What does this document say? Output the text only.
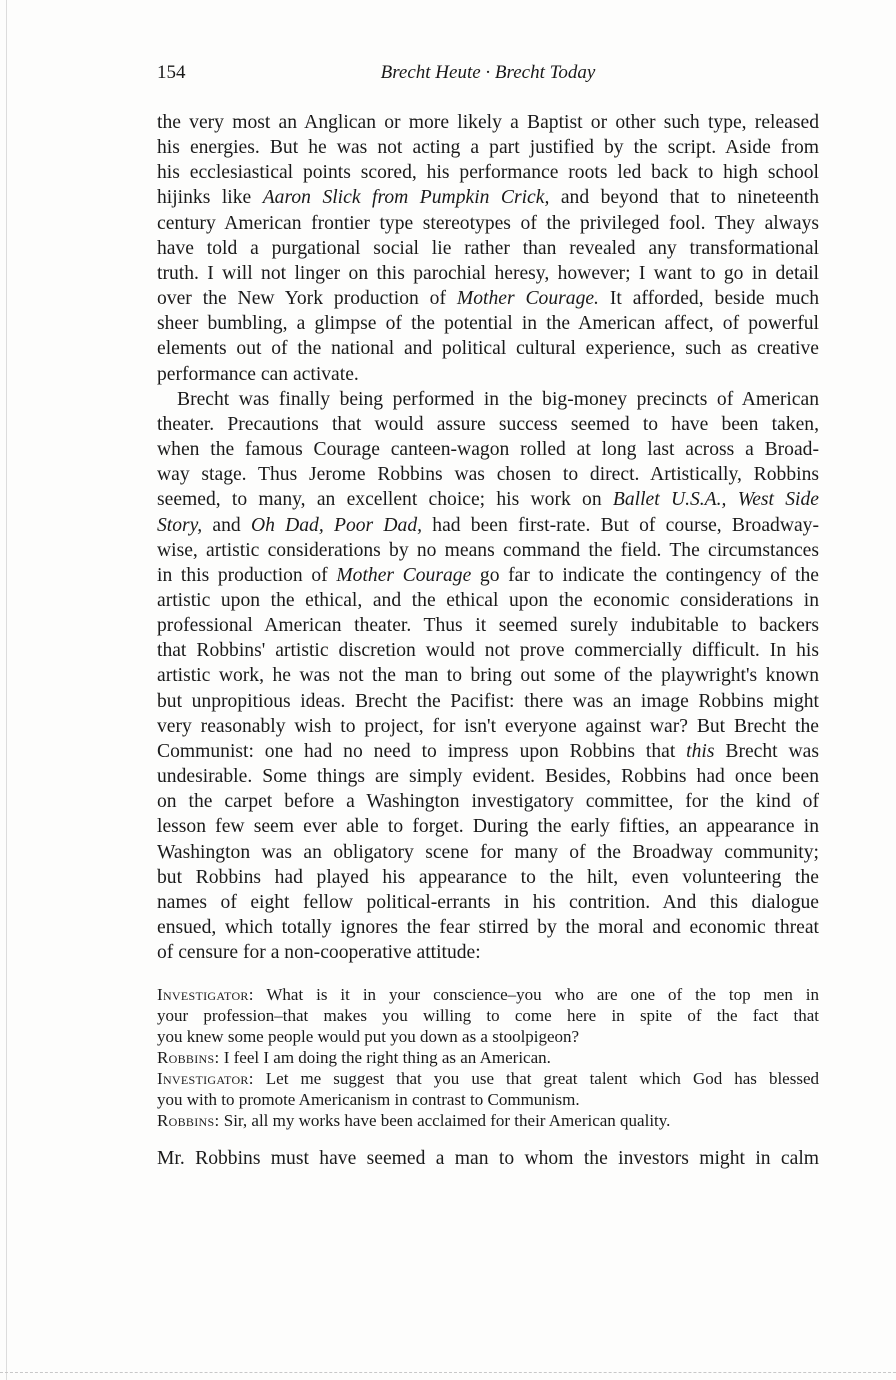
154	Brecht Heute · Brecht Today

the very most an Anglican or more likely a Baptist or other such type, released
his energies. But he was not acting a part justified by the script. Aside from
his ecclesiastical points scored, his performance roots led back to high school
hijinks like Aaron Slick from Pumpkin Crick, and beyond that to nineteenth
century American frontier type stereotypes of the privileged fool. They always
have told a purgational social lie rather than revealed any transformational
truth. I will not linger on this parochial heresy, however; I want to go in detail
over the New York production of Mother Courage. It afforded, beside much
sheer bumbling, a glimpse of the potential in the American affect, of powerful
elements out of the national and political cultural experience, such as creative
performance can activate.

Brecht was finally being performed in the big-money precincts of American
theater. Precautions that would assure success seemed to have been taken,
when the famous Courage canteen-wagon rolled at long last across a Broad-
way stage. Thus Jerome Robbins was chosen to direct. Artistically, Robbins
seemed, to many, an excellent choice; his work on Ballet U.S.A., West Side
Story, and Oh Dad, Poor Dad, had been first-rate. But of course, Broadway-
wise, artistic considerations by no means command the field. The circumstances
in this production of Mother Courage go far to indicate the contingency of the
artistic upon the ethical, and the ethical upon the economic considerations in
professional American theater. Thus it seemed surely indubitable to backers
that Robbins' artistic discretion would not prove commercially difficult. In his
artistic work, he was not the man to bring out some of the playwright's known
but unpropitious ideas. Brecht the Pacifist: there was an image Robbins might
very reasonably wish to project, for isn't everyone against war? But Brecht the
Communist: one had no need to impress upon Robbins that this Brecht was
undesirable. Some things are simply evident. Besides, Robbins had once been
on the carpet before a Washington investigatory committee, for the kind of
lesson few seem ever able to forget. During the early fifties, an appearance in
Washington was an obligatory scene for many of the Broadway community;
but Robbins had played his appearance to the hilt, even volunteering the
names of eight fellow political-errants in his contrition. And this dialogue
ensued, which totally ignores the fear stirred by the moral and economic threat
of censure for a non-cooperative attitude:

Investigator: What is it in your conscience–you who are one of the top men in
your profession–that makes you willing to come here in spite of the fact that
you knew some people would put you down as a stoolpigeon?

Robbins: I feel I am doing the right thing as an American.

Investigator: Let me suggest that you use that great talent which God has blessed
you with to promote Americanism in contrast to Communism.

Robbins: Sir, all my works have been acclaimed for their American quality.

Mr. Robbins must have seemed a man to whom the investors might in calm
